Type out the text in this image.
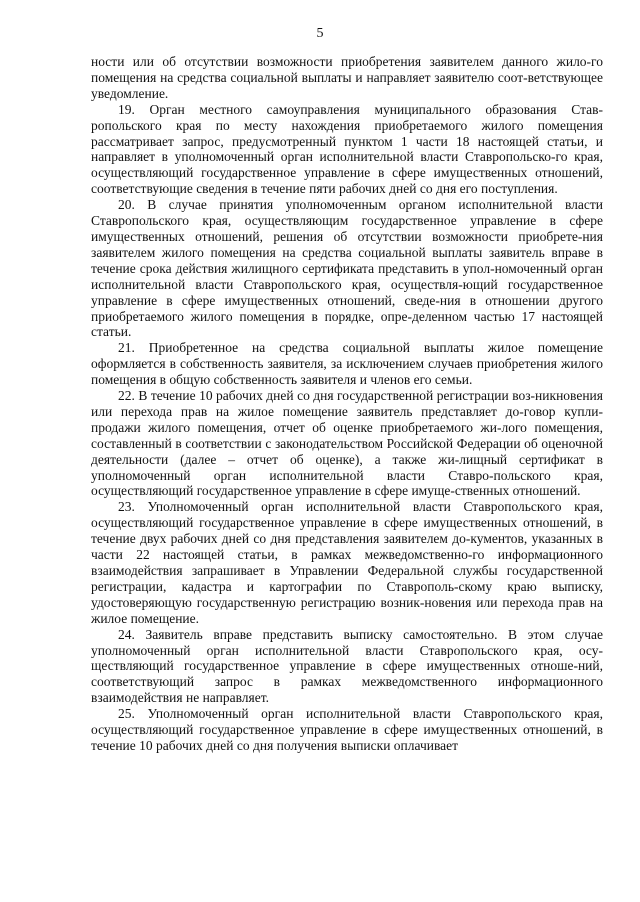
5

ности или об отсутствии возможности приобретения заявителем данного жило-го помещения на средства социальной выплаты и направляет заявителю соот-ветствующее уведомление.

19. Орган местного самоуправления муниципального образования Став-ропольского края по месту нахождения приобретаемого жилого помещения рассматривает запрос, предусмотренный пунктом 1 части 18 настоящей статьи, и направляет в уполномоченный орган исполнительной власти Ставропольско-го края, осуществляющий государственное управление в сфере имущественных отношений, соответствующие сведения в течение пяти рабочих дней со дня его поступления.

20. В случае принятия уполномоченным органом исполнительной власти Ставропольского края, осуществляющим государственное управление в сфере имущественных отношений, решения об отсутствии возможности приобрете-ния заявителем жилого помещения на средства социальной выплаты заявитель вправе в течение срока действия жилищного сертификата представить в упол-номоченный орган исполнительной власти Ставропольского края, осуществля-ющий государственное управление в сфере имущественных отношений, сведе-ния в отношении другого приобретаемого жилого помещения в порядке, опре-деленном частью 17 настоящей статьи.

21. Приобретенное на средства социальной выплаты жилое помещение оформляется в собственность заявителя, за исключением случаев приобретения жилого помещения в общую собственность заявителя и членов его семьи.

22. В течение 10 рабочих дней со дня государственной регистрации воз-никновения или перехода прав на жилое помещение заявитель представляет до-говор купли-продажи жилого помещения, отчет об оценке приобретаемого жи-лого помещения, составленный в соответствии с законодательством Российской Федерации об оценочной деятельности (далее – отчет об оценке), а также жи-лищный сертификат в уполномоченный орган исполнительной власти Ставро-польского края, осуществляющий государственное управление в сфере имуще-ственных отношений.

23. Уполномоченный орган исполнительной власти Ставропольского края, осуществляющий государственное управление в сфере имущественных отношений, в течение двух рабочих дней со дня представления заявителем до-кументов, указанных в части 22 настоящей статьи, в рамках межведомственно-го информационного взаимодействия запрашивает в Управлении Федеральной службы государственной регистрации, кадастра и картографии по Ставрополь-скому краю выписку, удостоверяющую государственную регистрацию возник-новения или перехода прав на жилое помещение.

24. Заявитель вправе представить выписку самостоятельно. В этом случае уполномоченный орган исполнительной власти Ставропольского края, осу-ществляющий государственное управление в сфере имущественных отноше-ний, соответствующий запрос в рамках межведомственного информационного взаимодействия не направляет.

25. Уполномоченный орган исполнительной власти Ставропольского края, осуществляющий государственное управление в сфере имущественных отношений, в течение 10 рабочих дней со дня получения выписки оплачивает
